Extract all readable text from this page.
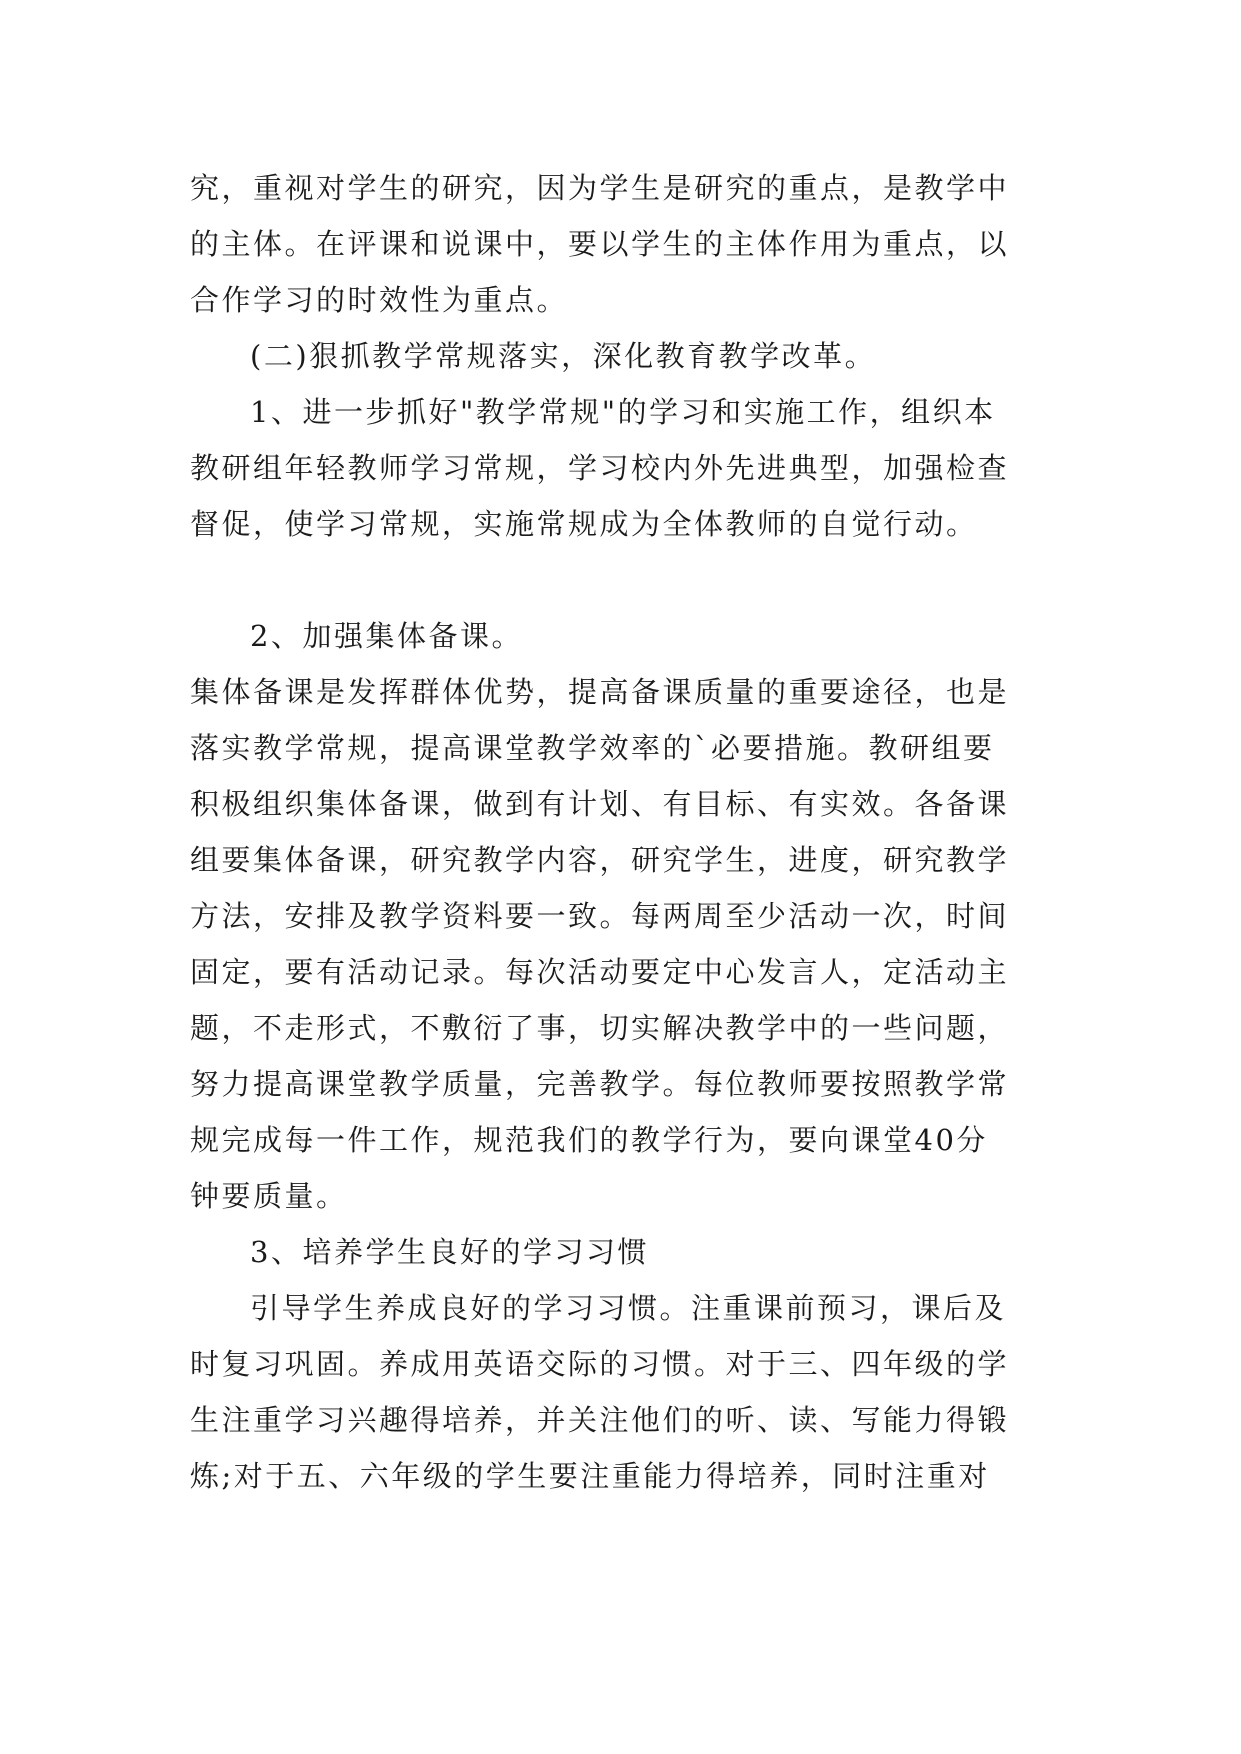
究，重视对学生的研究，因为学生是研究的重点，是教学中
的主体。在评课和说课中，要以学生的主体作用为重点，以
合作学习的时效性为重点。
(二)狠抓教学常规落实，深化教育教学改革。
1、进一步抓好"教学常规"的学习和实施工作，组织本
教研组年轻教师学习常规，学习校内外先进典型，加强检查
督促，使学习常规，实施常规成为全体教师的自觉行动。
2、加强集体备课。
集体备课是发挥群体优势，提高备课质量的重要途径，也是
落实教学常规，提高课堂教学效率的`必要措施。教研组要
积极组织集体备课，做到有计划、有目标、有实效。各备课
组要集体备课，研究教学内容，研究学生，进度，研究教学
方法，安排及教学资料要一致。每两周至少活动一次，时间
固定，要有活动记录。每次活动要定中心发言人，定活动主
题，不走形式，不敷衍了事，切实解决教学中的一些问题，
努力提高课堂教学质量，完善教学。每位教师要按照教学常
规完成每一件工作，规范我们的教学行为，要向课堂40分
钟要质量。
3、培养学生良好的学习习惯
引导学生养成良好的学习习惯。注重课前预习，课后及
时复习巩固。养成用英语交际的习惯。对于三、四年级的学
生注重学习兴趣得培养，并关注他们的听、读、写能力得锻
炼;对于五、六年级的学生要注重能力得培养，同时注重对
